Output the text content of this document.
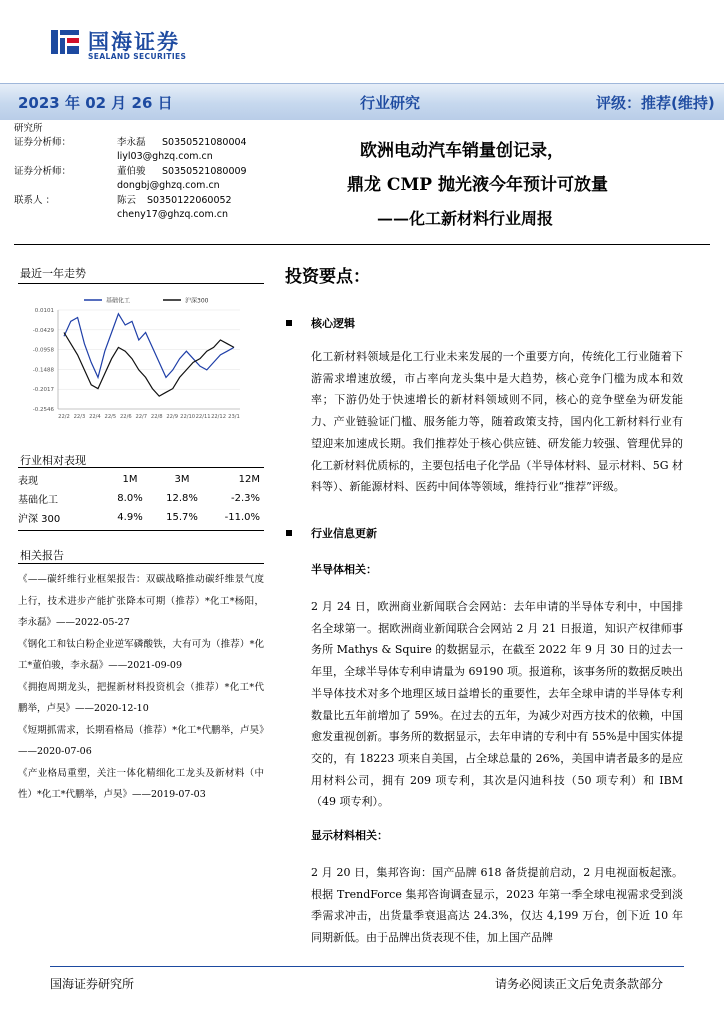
国海证券
SEALAND SECURITIES
2023 年 02 月 26 日	行业研究	评级：推荐(维持)
研究所
证券分析师：	李永磊 S0350521080004
liyl03@ghzq.com.cn
证券分析师：	董伯骏 S0350521080009
dongbj@ghzq.com.cn
联系人 ：	陈云 S0350122060052
cheny17@ghzq.com.cn
欧洲电动汽车销量创记录，
鼎龙 CMP 抛光液今年预计可放量
——化工新材料行业周报
最近一年走势
0.0101
-0.0429
-0.0958
-0.1488
-0.2017
-0.2546
22/2 22/3 22/4 22/5 22/6 22/7 22/8 22/9 22/10 22/11 22/12 23/1
基础化工	沪深300
行业相对表现
表现	1M	3M	12M
基础化工	8.0%	12.8%	-2.3%
沪深 300	4.9%	15.7%	-11.0%
相关报告
《——碳纤维行业框架报告：双碳战略推动碳纤维景气度上行，技术进步产能扩张降本可期（推荐）*化工*杨阳，李永磊》——2022-05-27
《钢化工和钛白粉企业逆军磷酸铁，大有可为（推荐）*化工*董伯骏，李永磊》——2021-09-09
《拥抱周期龙头，把握新材料投资机会（推荐）*化工*代鹏举，卢昊》——2020-12-10
《短期抓需求，长期看格局（推荐）*化工*代鹏举，卢昊》——2020-07-06
《产业格局重塑，关注一体化精细化工龙头及新材料（中性）*化工*代鹏举，卢昊》——2019-07-03
投资要点：
核心逻辑
化工新材料领域是化工行业未来发展的一个重要方向，传统化工行业随着下游需求增速放缓，市占率向龙头集中是大趋势，核心竞争门槛为成本和效率；下游仍处于快速增长的新材料领域则不同，核心的竞争壁垒为研发能力、产业链验证门槛、服务能力等，随着政策支持，国内化工新材料行业有望迎来加速成长期。我们推荐处于核心供应链、研发能力较强、管理优异的化工新材料优质标的，主要包括电子化学品（半导体材料、显示材料、5G 材料等）、新能源材料、医药中间体等领域，维持行业“推荐”评级。
行业信息更新
半导体相关：
2 月 24 日，欧洲商业新闻联合会网站：去年申请的半导体专利中，中国排名全球第一。据欧洲商业新闻联合会网站 2 月 21 日报道，知识产权律师事务所 Mathys & Squire 的数据显示，在截至 2022 年 9 月 30 日的过去一年里，全球半导体专利申请量为 69190 项。报道称，该事务所的数据反映出半导体技术对多个地理区域日益增长的重要性，去年全球申请的半导体专利数量比五年前增加了 59%。在过去的五年，为减少对西方技术的依赖，中国愈发重视创新。事务所的数据显示，去年申请的专利中有 55%是中国实体提交的，有 18223 项来自美国，占全球总量的 26%，美国申请者最多的是应用材料公司，拥有 209 项专利，其次是闪迪科技（50 项专利）和 IBM（49 项专利）。
显示材料相关：
2 月 20 日，集邦咨询：国产品牌 618 备货提前启动，2 月电视面板起涨。根据 TrendForce 集邦咨询调查显示，2023 年第一季全球电视需求受到淡季需求冲击，出货量季衰退高达 24.3%，仅达 4,199 万台，创下近 10 年同期新低。由于品牌出货表现不佳，加上国产品牌
国海证券研究所	请务必阅读正文后免责条款部分
